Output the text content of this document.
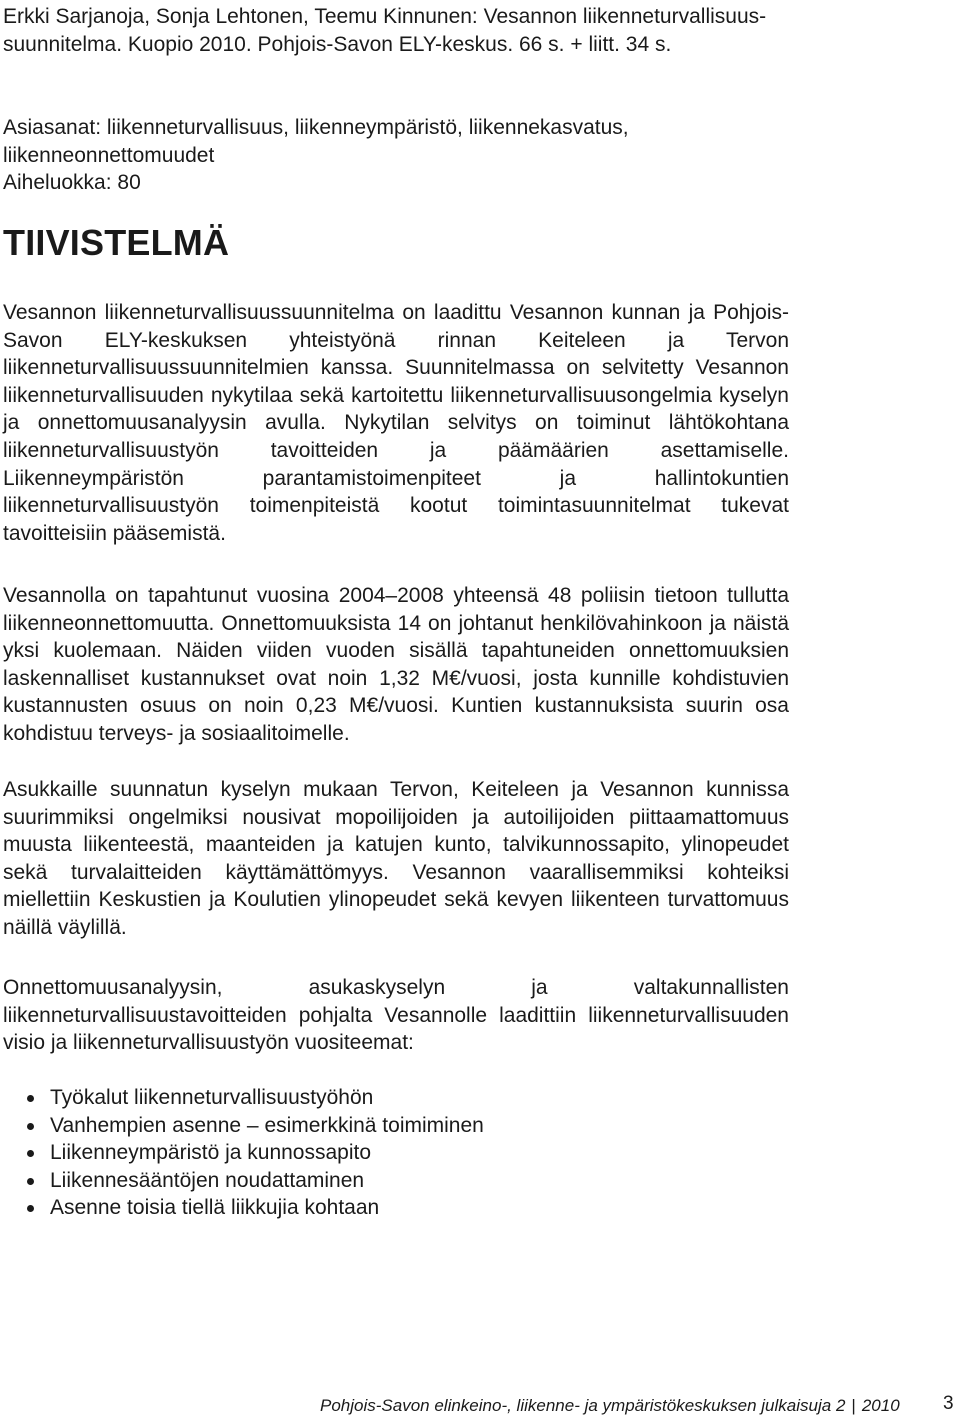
Erkki Sarjanoja, Sonja Lehtonen, Teemu Kinnunen: Vesannon liikenneturvallisuus-suunnitelma. Kuopio 2010. Pohjois-Savon ELY-keskus. 66 s. + liitt. 34 s.

Asiasanat: liikenneturvallisuus, liikenneympäristö, liikennekasvatus, liikenneonnettomuudet

Aiheluokka: 80

TIIVISTELMÄ

Vesannon liikenneturvallisuussuunnitelma on laadittu Vesannon kunnan ja Pohjois-Savon ELY-keskuksen yhteistyönä rinnan Keiteleen ja Tervon liikenneturvallisuussuunnitelmien kanssa. Suunnitelmassa on selvitetty Vesannon liikenneturvallisuuden nykytilaa sekä kartoitettu liikenneturvallisuusongelmia kyselyn ja onnettomuusanalyysin avulla. Nykytilan selvitys on toiminut lähtökohtana liikenneturvallisuustyön tavoitteiden ja päämäärien asettamiselle. Liikenneympäristön parantamistoimenpiteet ja hallintokuntien liikenneturvallisuustyön toimenpiteistä kootut toimintasuunnitelmat tukevat tavoitteisiin pääsemistä.

Vesannolla on tapahtunut vuosina 2004–2008 yhteensä 48 poliisin tietoon tullutta liikenneonnettomuutta. Onnettomuuksista 14 on johtanut henkilövahinkoon ja näistä yksi kuolemaan. Näiden viiden vuoden sisällä tapahtuneiden onnettomuuksien laskennalliset kustannukset ovat noin 1,32 M€/vuosi, josta kunnille kohdistuvien kustannusten osuus on noin 0,23 M€/vuosi. Kuntien kustannuksista suurin osa kohdistuu terveys- ja sosiaalitoimelle.

Asukkaille suunnatun kyselyn mukaan Tervon, Keiteleen ja Vesannon kunnissa suurimmiksi ongelmiksi nousivat mopoilijoiden ja autoilijoiden piittaamattomuus muusta liikenteestä, maanteiden ja katujen kunto, talvikunnossapito, ylinopeudet sekä turvalaitteiden käyttämättömyys. Vesannon vaarallisemmiksi kohteiksi miellettiin Keskustien ja Koulutien ylinopeudet sekä kevyen liikenteen turvattomuus näillä väylillä.

Onnettomuusanalyysin, asukaskyselyn ja valtakunnallisten liikenneturvallisuustavoitteiden pohjalta Vesannolle laadittiin liikenneturvallisuuden visio ja liikenneturvallisuustyön vuositeemat:

Työkalut liikenneturvallisuustyöhön
Vanhempien asenne – esimerkkinä toimiminen
Liikenneympäristö ja kunnossapito
Liikennesääntöjen noudattaminen
Asenne toisia tiellä liikkujia kohtaan
Pohjois-Savon elinkeino-, liikenne- ja ympäristökeskuksen julkaisuja 2 | 2010	3
